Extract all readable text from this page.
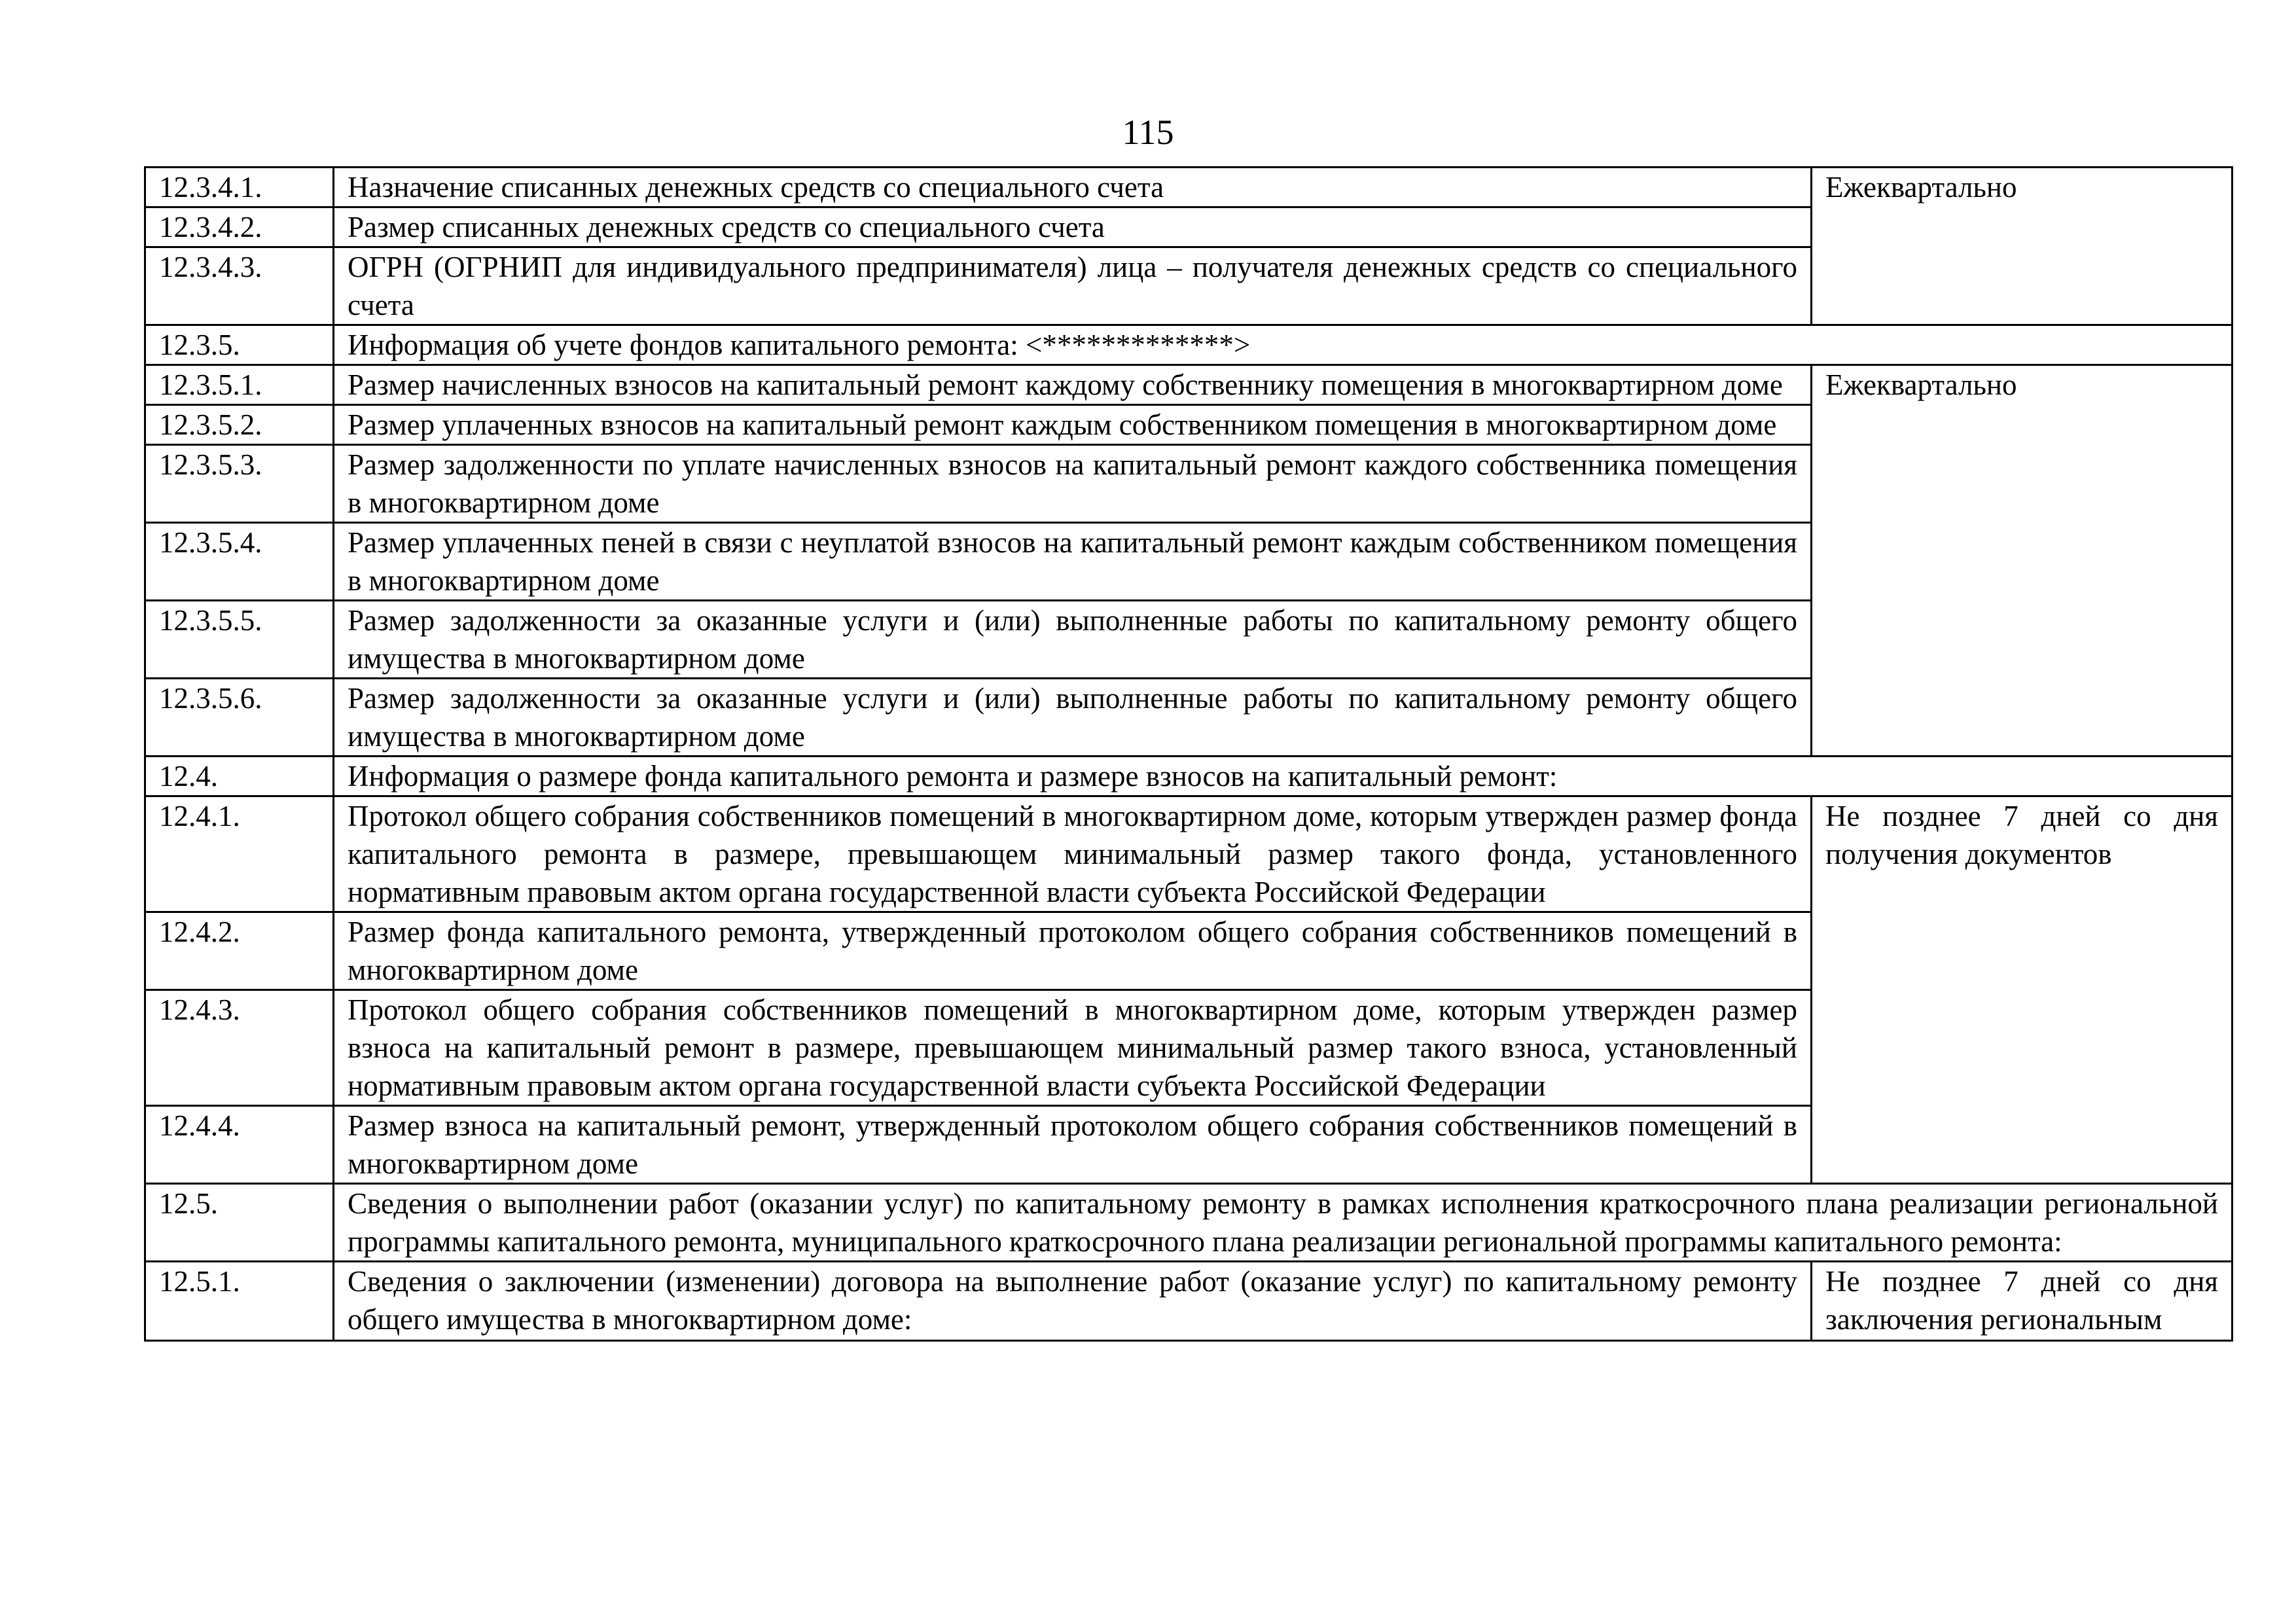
115
12.3.4.1.	Назначение списанных денежных средств со специального счета	Ежеквартально
12.3.4.2.	Размер списанных денежных средств со специального счета	
12.3.4.3.	ОГРН (ОГРНИП для индивидуального предпринимателя) лица – получателя денежных средств со специального счета	
12.3.5.	Информация об учете фондов капитального ремонта: <*************>	
12.3.5.1.	Размер начисленных взносов на капитальный ремонт каждому собственнику помещения в многоквартирном доме	Ежеквартально
12.3.5.2.	Размер уплаченных взносов на капитальный ремонт каждым собственником помещения в многоквартирном доме	
12.3.5.3.	Размер задолженности по уплате начисленных взносов на капитальный ремонт каждого собственника помещения в многоквартирном доме	
12.3.5.4.	Размер уплаченных пеней в связи с неуплатой взносов на капитальный ремонт каждым собственником помещения в многоквартирном доме	
12.3.5.5.	Размер задолженности за оказанные услуги и (или) выполненные работы по капитальному ремонту общего имущества в многоквартирном доме	
12.3.5.6.	Размер задолженности за оказанные услуги и (или) выполненные работы по капитальному ремонту общего имущества в многоквартирном доме	
12.4.	Информация о размере фонда капитального ремонта и размере взносов на капитальный ремонт:	
12.4.1.	Протокол общего собрания собственников помещений в многоквартирном доме, которым утвержден размер фонда капитального ремонта в размере, превышающем минимальный размер такого фонда, установленного нормативным правовым актом органа государственной власти субъекта Российской Федерации	Не позднее 7 дней со дня получения документов
12.4.2.	Размер фонда капитального ремонта, утвержденный протоколом общего собрания собственников помещений в многоквартирном доме	
12.4.3.	Протокол общего собрания собственников помещений в многоквартирном доме, которым утвержден размер взноса на капитальный ремонт в размере, превышающем минимальный размер такого взноса, установленный нормативным правовым актом органа государственной власти субъекта Российской Федерации	
12.4.4.	Размер взноса на капитальный ремонт, утвержденный протоколом общего собрания собственников помещений в многоквартирном доме	
12.5.	Сведения о выполнении работ (оказании услуг) по капитальному ремонту в рамках исполнения краткосрочного плана реализации региональной программы капитального ремонта, муниципального краткосрочного плана реализации региональной программы капитального ремонта:	
12.5.1.	Сведения о заключении (изменении) договора на выполнение работ (оказание услуг) по капитальному ремонту общего имущества в многоквартирном доме:	Не позднее 7 дней со дня заключения региональным
